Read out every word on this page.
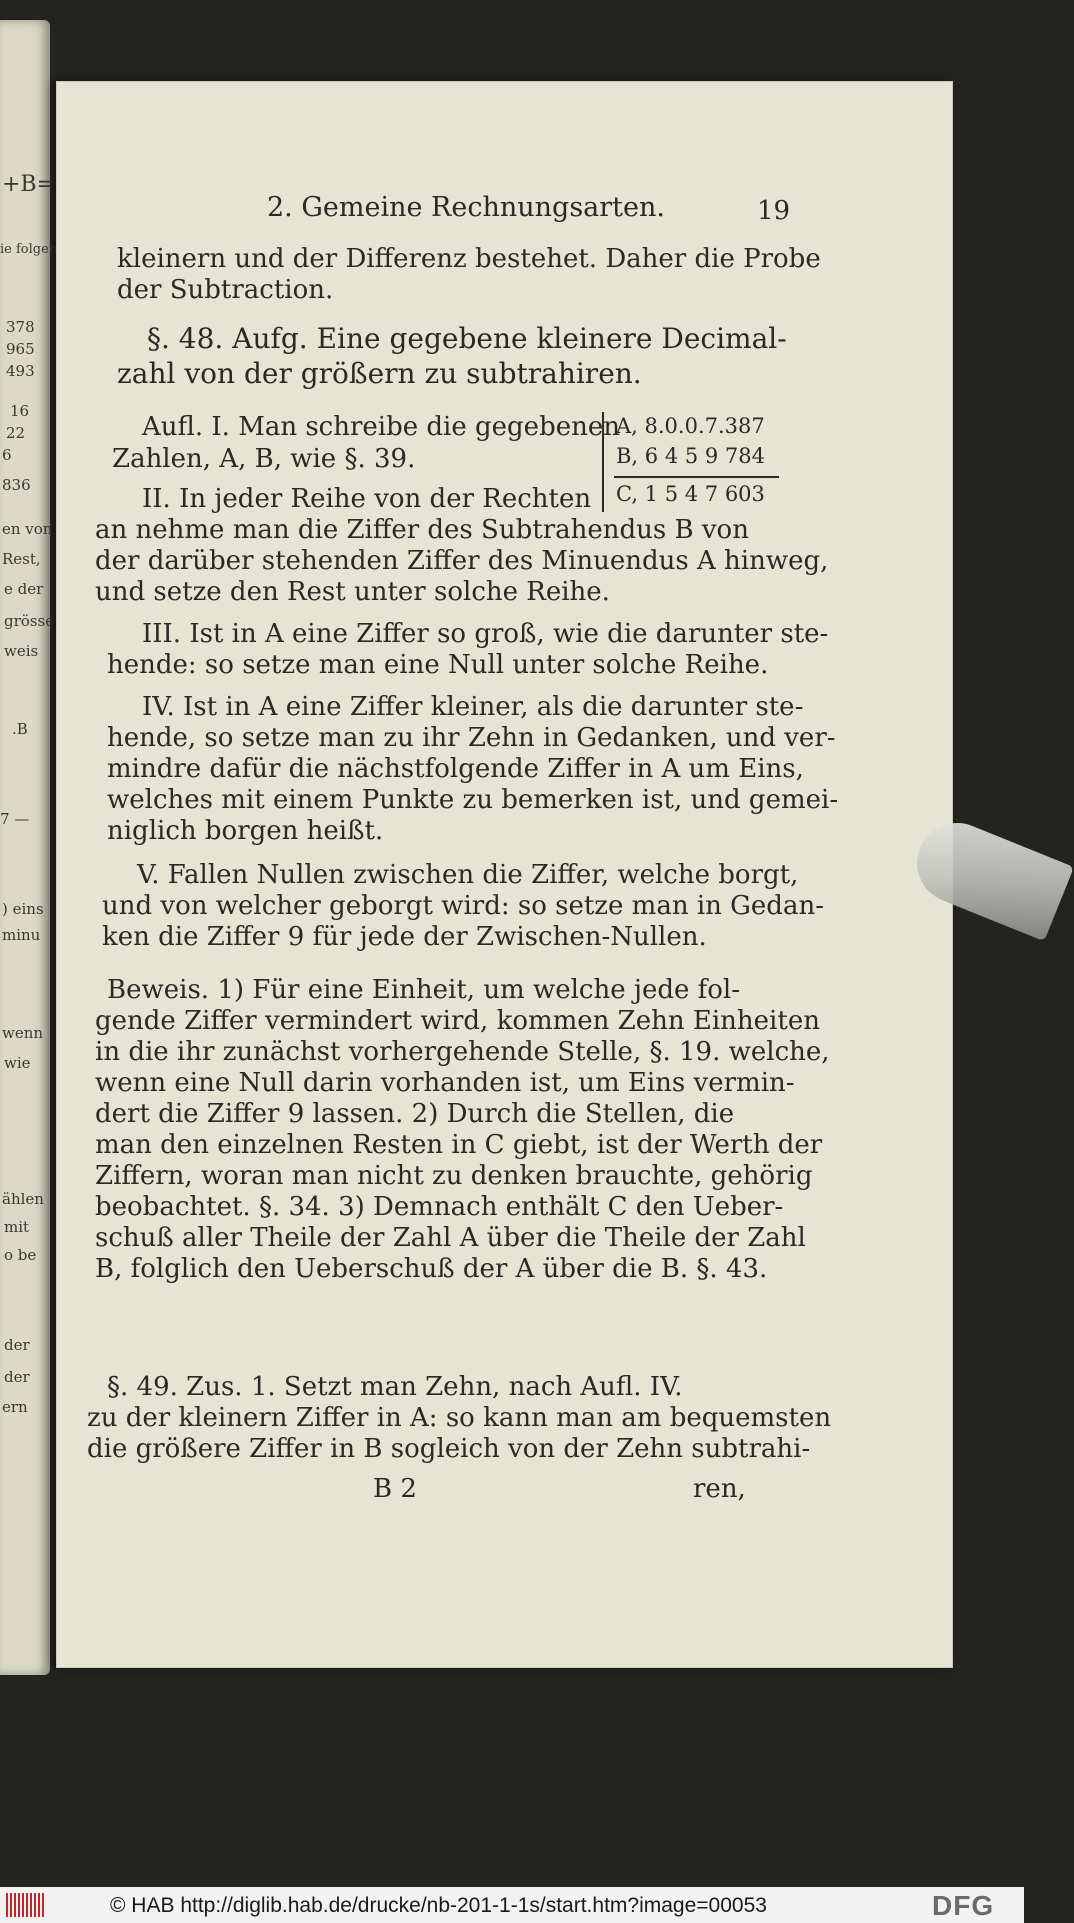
+B=
ie folgen
378
965
493
16
22
6
836
en von
Rest,
e der
grösse
weis
.B
7 —
) eins
minu
wenn
wie
ählen
mit
o be
der
der
ern
2. Gemeine Rechnungsarten.	19
kleinern und der Differenz bestehet. Daher die Probe
der Subtraction.
§. 48. Aufg. Eine gegebene kleinere Decimal-
zahl von der größern zu subtrahiren.
Aufl. I. Man schreibe die gegebenen
Zahlen, A, B, wie §. 39.
II. In jeder Reihe von der Rechten
an nehme man die Ziffer des Subtrahendus B von
der darüber stehenden Ziffer des Minuendus A hinweg,
und setze den Rest unter solche Reihe.
III. Ist in A eine Ziffer so groß, wie die darunter ste-
hende: so setze man eine Null unter solche Reihe.
IV. Ist in A eine Ziffer kleiner, als die darunter ste-
hende, so setze man zu ihr Zehn in Gedanken, und ver-
mindre dafür die nächstfolgende Ziffer in A um Eins,
welches mit einem Punkte zu bemerken ist, und gemei-
niglich borgen heißt.
V. Fallen Nullen zwischen die Ziffer, welche borgt,
und von welcher geborgt wird: so setze man in Gedan-
ken die Ziffer 9 für jede der Zwischen-Nullen.
Beweis. 1) Für eine Einheit, um welche jede fol-
gende Ziffer vermindert wird, kommen Zehn Einheiten
in die ihr zunächst vorhergehende Stelle, §. 19. welche,
wenn eine Null darin vorhanden ist, um Eins vermin-
dert die Ziffer 9 lassen. 2) Durch die Stellen, die
man den einzelnen Resten in C giebt, ist der Werth der
Ziffern, woran man nicht zu denken brauchte, gehörig
beobachtet. §. 34. 3) Demnach enthält C den Ueber-
schuß aller Theile der Zahl A über die Theile der Zahl
B, folglich den Ueberschuß der A über die B. §. 43.
§. 49. Zus. 1. Setzt man Zehn, nach Aufl. IV.
zu der kleinern Ziffer in A: so kann man am bequemsten
die größere Ziffer in B sogleich von der Zehn subtrahi-
A, 8.0.0.7.387
B, 6 4 5 9 784
C, 1 5 4 7 603
B 2	ren,
© HAB http://diglib.hab.de/drucke/nb-201-1-1s/start.htm?image=00053	DFG
